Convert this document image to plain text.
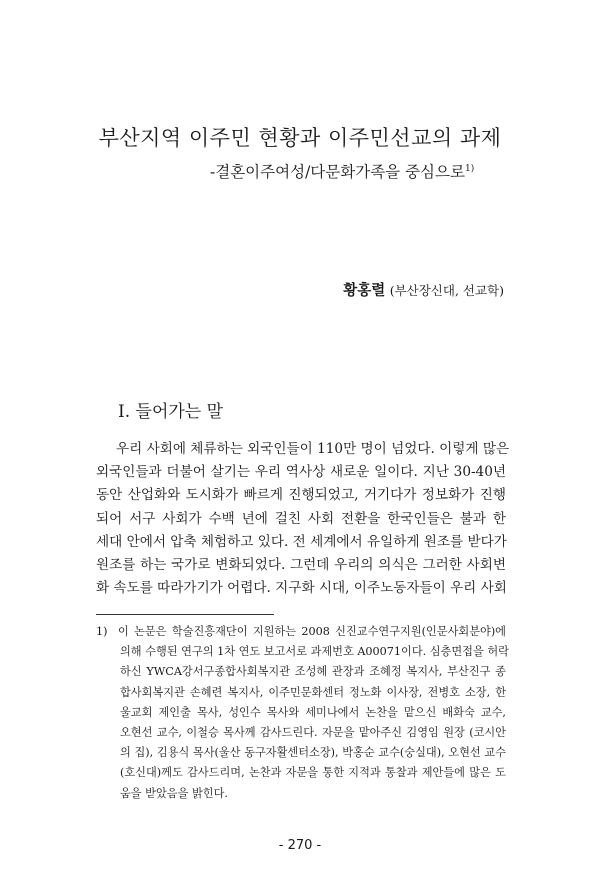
부산지역 이주민 현황과 이주민선교의 과제
-결혼이주여성/다문화가족을 중심으로$^{1)}$
황홍렬 (부산장신대, 선교학)
I. 들어가는 말

우리 사회에 체류하는 외국인들이 110만 명이 넘었다. 이렇게 많은
외국인들과 더불어 살기는 우리 역사상 새로운 일이다. 지난 30-40년
동안 산업화와 도시화가 빠르게 진행되었고, 거기다가 정보화가 진행
되어 서구 사회가 수백 년에 걸친 사회 전환을 한국인들은 불과 한
세대 안에서 압축 체험하고 있다. 전 세계에서 유일하게 원조를 받다가
원조를 하는 국가로 변화되었다. 그런데 우리의 의식은 그러한 사회변
화 속도를 따라가기가 어렵다. 지구화 시대, 이주노동자들이 우리 사회

1) 이 논문은 학술진흥재단이 지원하는 2008 신진교수연구지원(인문사회분야)에
의해 수행된 연구의 1차 연도 보고서로 과제번호 A00071이다. 심층면접을 허락
하신 YWCA강서구종합사회복지관 조성혜 관장과 조혜정 복지사, 부산진구 종
합사회복지관 손혜련 복지사, 이주민문화센터 정노화 이사장, 전병호 소장, 한
울교회 제인출 목사, 성인수 목사와 세미나에서 논찬을 맡으신 배화숙 교수,
오현선 교수, 이철승 목사께 감사드린다. 자문을 맡아주신 김영임 원장 (코시안
의 집), 김용식 목사(울산 동구자활센터소장), 박홍순 교수(숭실대), 오현선 교수
(호신대)께도 감사드리며, 논찬과 자문을 통한 지적과 통찰과 제안들에 많은 도
움을 받았음을 밝힌다.
- 270 -
